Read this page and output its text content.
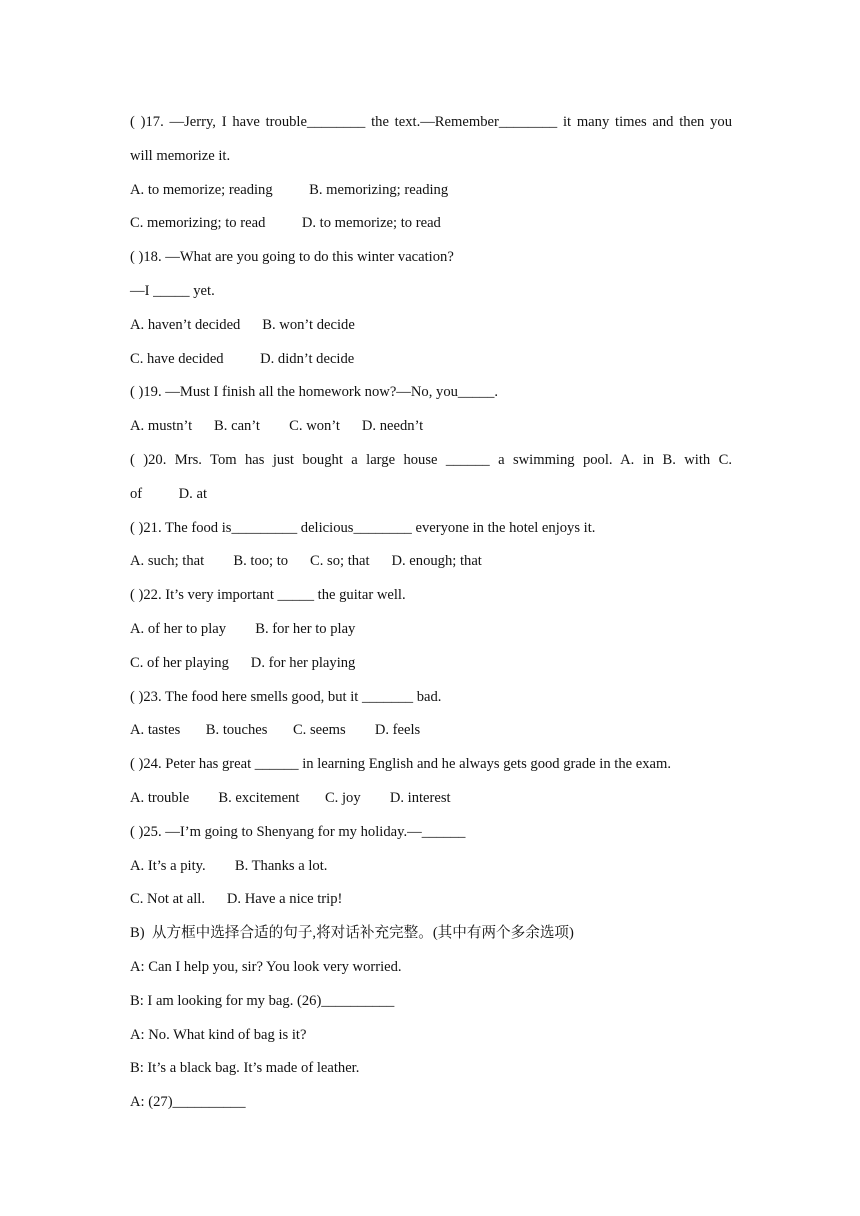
( )17. —Jerry, I have trouble________ the text.—Remember________ it many times and then you
will memorize it.
A. to memorize; reading          B. memorizing; reading
C. memorizing; to read          D. to memorize; to read
( )18. —What are you going to do this winter vacation?
—I _____ yet.
A. haven’t decided      B. won’t decide
C. have decided          D. didn’t decide
( )19. —Must I finish all the homework now?—No, you_____.
A. mustn’t      B. can’t        C. won’t      D. needn’t
( )20. Mrs. Tom has just bought a large house ______ a swimming pool. A. in B. with C.
of          D. at
( )21. The food is_________ delicious________ everyone in the hotel enjoys it.
A. such; that        B. too; to      C. so; that      D. enough; that
( )22. It’s very important _____ the guitar well.
A. of her to play        B. for her to play
C. of her playing      D. for her playing
( )23. The food here smells good, but it _______ bad.
A. tastes       B. touches       C. seems        D. feels
( )24. Peter has great ______ in learning English and he always gets good grade in the exam.
A. trouble        B. excitement       C. joy        D. interest
( )25. —I’m going to Shenyang for my holiday.—______
A. It’s a pity.        B. Thanks a lot.
C. Not at all.      D. Have a nice trip!
B)  从方框中选择合适的句子,将对话补充完整。(其中有两个多余选项)
A: Can I help you, sir? You look very worried.
B: I am looking for my bag. (26)__________
A: No. What kind of bag is it?
B: It’s a black bag. It’s made of leather.
A: (27)__________
